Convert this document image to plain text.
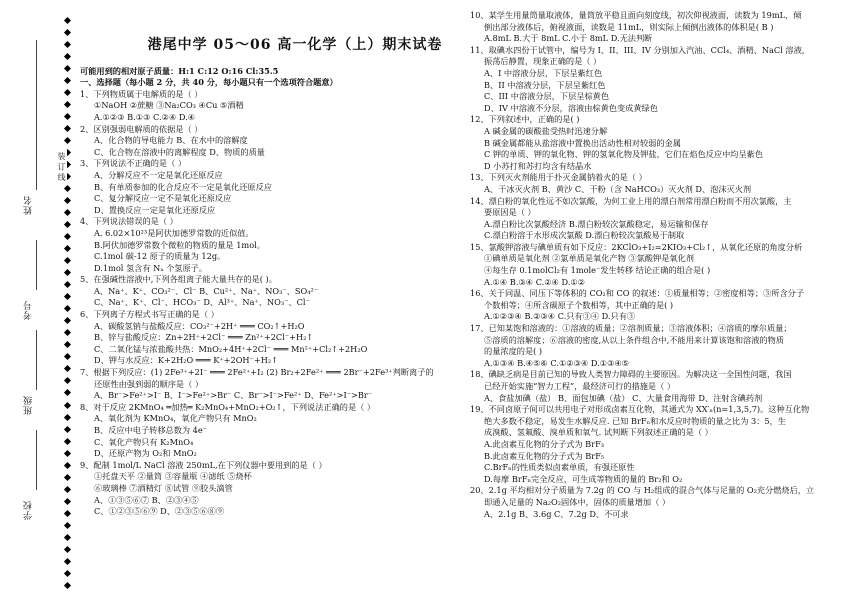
姓名
考号
班级
学校
装 订 线
港尾中学 05～06 高一化学（上）期末试卷
可能用到的相对原子质量：H:1 C:12 O:16 Cl:35.5
一、选择题（每小题 2 分，共 40 分，每小题只有一个选项符合题意）
1、下列物质属于电解质的是（ ）
①NaOH ②蔗糖 ③Na₂CO₃ ④Cu ⑤酒精
A.①②③ B.①③ C.②④ D.④
2、区别强弱电解质的依据是（ ）
A、化合物的导电能力 B、在水中的溶解度
C、化合物在溶液中的离解程度 D、物质的质量
3、下列说法不正确的是（ ）
A、分解反应不一定是氧化还原反应
B、有单质参加的化合反应不一定是氧化还原反应
C、复分解反应一定不是氧化还原反应
D、置换反应一定是氧化还原反应
4、下列说法错误的是（ ）
A. 6.02×10²³是阿伏加德罗常数的近似值。
B.阿伏加德罗常数个微粒的物质的量是 1mol。
C.1mol 碳-12 原子的质量为 12g。
D.1mol 氢含有 Nₐ 个氢原子。
5、在强碱性溶液中,下列各组离子能大量共存的是( )。
A、Na⁺、K⁺、CO₃²⁻、Cl⁻ B、Cu²⁺、Na⁺、NO₃⁻、SO₄²⁻
C、Na⁺、K⁺、Cl⁻、HCO₃⁻ D、Al³⁺、Na⁺、NO₃⁻、Cl⁻
6、下列离子方程式书写正确的是（ ）
A、碳酸氢钠与盐酸反应：CO₃²⁻+2H⁺ ═══ CO₂↑+H₂O
B、锌与盐酸反应：Zn+2H⁺+2Cl⁻ ═══ Zn²⁺+2Cl⁻+H₂↑
C、二氧化锰与浓盐酸共热：MnO₂+4H⁺+2Cl⁻ ═══ Mn²⁺+Cl₂↑+2H₂O
D、钾与水反应：K+2H₂O ═══ K⁺+2OH⁻+H₂↑
7、根据下列反应：(1) 2Fe³⁺+2I⁻ ═══ 2Fe²⁺+I₂ (2) Br₂+2Fe²⁺ ═══ 2Br⁻+2Fe³⁺判断离子的
还原性由强到弱的顺序是（ ）
A、Br⁻>Fe²⁺>I⁻ B、I⁻>Fe²⁺>Br⁻ C、Br⁻>I⁻>Fe²⁺ D、Fe²⁺>I⁻>Br⁻
8、对于反应 2KMnO₄ ═加热═ K₂MnO₄+MnO₂+O₂↑，下列说法正确的是（ ）
A、氧化剂为 KMnO₄，氧化产物只有 MnO₂
B、反应中电子转移总数为 4e⁻
C、氧化产物只有 K₂MnO₄
D、还原产物为 O₂和 MnO₂
9、配制 1mol/L NaCl 溶液 250mL,在下列仪器中要用到的是（ ）
①托盘天平 ②量筒 ③容量瓶 ④滤纸 ⑤烧杯
⑥玻璃棒 ⑦酒精灯 ⑧试管 ⑨胶头滴管
A、①③⑤⑥⑦ B、②③④⑤
C、①②③⑤⑥⑨ D、②③⑤⑥⑧⑨
10、某学生用量筒量取液体，量筒放平稳且面向刻度线，初次仰视液面，读数为 19mL，倾
倒出部分液体后，俯视液面，读数是 11mL，则实际上倾倒出液体的体积是( B )
A.8mL B.大于 8mL C.小于 8mL D.无法判断
11、取碘水四份于试管中，编号为 I、II、III、IV 分别加入汽油、CCl₄、酒精、NaCl 溶液，
振荡后静置，现象正确的是（ ）
A、I 中溶液分层，下层呈紫红色
B、II 中溶液分层，下层呈紫红色
C、III 中溶液分层，下层呈棕黄色
D、IV 中溶液不分层，溶液由棕黄色变成黄绿色
12、下列叙述中，正确的是( )
A 碱金属的碳酸盐受热时迅速分解
B 碱金属都能从盐溶液中置换出活动性相对较弱的金属
C 钾的单质、钾的氧化物、钾的氢氧化物及钾盐，它们在焰色反应中均呈紫色
D 小苏打和苏打均含有结晶水
13、下列灭火剂能用于扑灭金属钠着火的是（ ）
A、干冰灭火剂 B、黄沙 C、干粉（含 NaHCO₃）灭火剂 D、泡沫灭火剂
14、漂白粉的氧化性远不如次氯酸，为何工业上用的漂白剂常用漂白粉而不用次氯酸，主
要原因是（ ）
A.漂白粉比次氯酸经济 B.漂白粉较次氯酸稳定，易运输和保存
C.漂白粉溶于水形成次氯酸 D.漂白粉较次氯酸易于制取
15、氯酸钾溶液与碘单质有如下反应：2KClO₃+I₂=2KIO₃+Cl₂↑，从氧化还原的角度分析
①碘单质是氧化剂 ②氯单质是氧化产物 ③氯酸钾是氧化剂
④每生存 0.1molCl₂有 1mole⁻发生转移 结论正确的组合是( )
A.①④ B.③④ C.②④ D.①②
16、关于同温、同压下等体积的 CO₂和 CO 的叙述：①质量相等；②密度相等；③所含分子
个数相等；④所含碳原子个数相等，其中正确的是( )
A.①②③④ B.②③④ C.只有③④ D.只有③
17、已知某饱和溶液的：①溶液的质量；②溶剂质量；③溶液体积；④溶质的摩尔质量；
⑤溶质的溶解度；⑥溶液的密度,从以上条件组合中,不能用来计算该饱和溶液的物质
的量浓度的是( )
A.①③④ B.④⑤⑥ C.①②③④ D.①③④⑤
18、碘缺乏病是目前已知的导致人类智力障碍的主要原因。为解决这一全国性问题，我国
已经开始实施“智力工程”，最经济可行的措施是（ ）
A、食盐加碘（盐） B、面包加碘（盐） C、大量食用海带 D、注射含碘药剂
19、不同卤原子间可以共用电子对形成卤素互化物，其通式为 XX′ₙ(n=1,3,5,7)。这种互化物
绝大多数不稳定，易发生水解反应. 已知 BrFₙ和水反应时物质的量之比为 3：5，生
成溴酸、氢氟酸、溴单质和氧气. 试判断下列叙述正确的是（ ）
A.此卤素互化物的分子式为 BrF₃
B.此卤素互化物的分子式为 BrF₅
C.BrFₙ的性质类似卤素单质，有强还原性
D.每摩 BrFₙ完全反应，可生成等物质的量的 Br₂和 O₂
20、2.1g 平均相对分子质量为 7.2g 的 CO 与 H₂组成的混合气体与足量的 O₂充分燃烧后，立
即通入足量的 Na₂O₂固体中，固体的质量增加（ ）
A、2.1g B、3.6g C、7.2g D、不可求
